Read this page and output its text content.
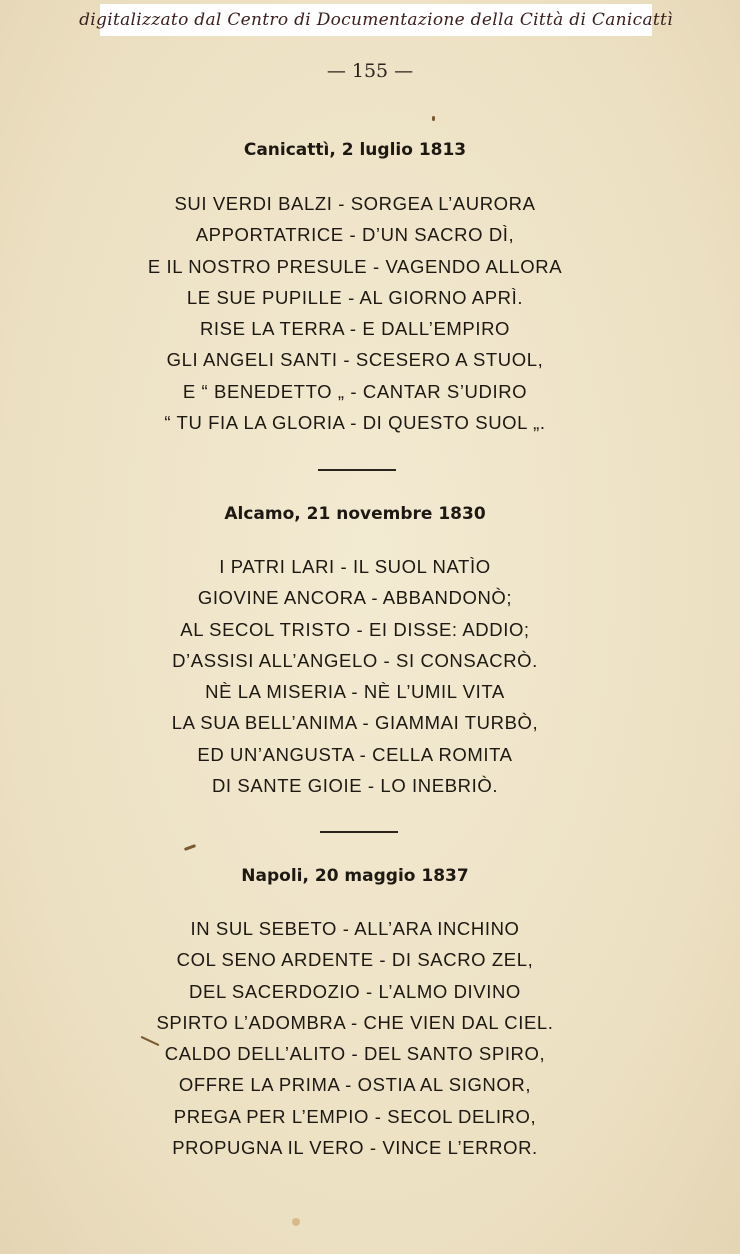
digitalizzato dal Centro di Documentazione della Città di Canicattì
— 155 —
Canicattì, 2 luglio 1813
SUI VERDI BALZI - SORGEA L’AURORA
APPORTATRICE - D’UN SACRO DÌ,
E IL NOSTRO PRESULE - VAGENDO ALLORA
LE SUE PUPILLE - AL GIORNO APRÌ.
RISE LA TERRA - E DALL’EMPIRO
GLI ANGELI SANTI - SCESERO A STUOL,
E “ BENEDETTO „ - CANTAR S’UDIRO
“ TU FIA LA GLORIA - DI QUESTO SUOL „.
Alcamo, 21 novembre 1830
I PATRI LARI - IL SUOL NATÌO
GIOVINE ANCORA - ABBANDONÒ;
AL SECOL TRISTO - EI DISSE: ADDIO;
D’ASSISI ALL’ANGELO - SI CONSACRÒ.
NÈ LA MISERIA - NÈ L’UMIL VITA
LA SUA BELL’ANIMA - GIAMMAI TURBÒ,
ED UN’ANGUSTA - CELLA ROMITA
DI SANTE GIOIE - LO INEBRIÒ.
Napoli, 20 maggio 1837
IN SUL SEBETO - ALL’ARA INCHINO
COL SENO ARDENTE - DI SACRO ZEL,
DEL SACERDOZIO - L’ALMO DIVINO
SPIRTO L’ADOMBRA - CHE VIEN DAL CIEL.
CALDO DELL’ALITO - DEL SANTO SPIRO,
OFFRE LA PRIMA - OSTIA AL SIGNOR,
PREGA PER L’EMPIO - SECOL DELIRO,
PROPUGNA IL VERO - VINCE L’ERROR.
